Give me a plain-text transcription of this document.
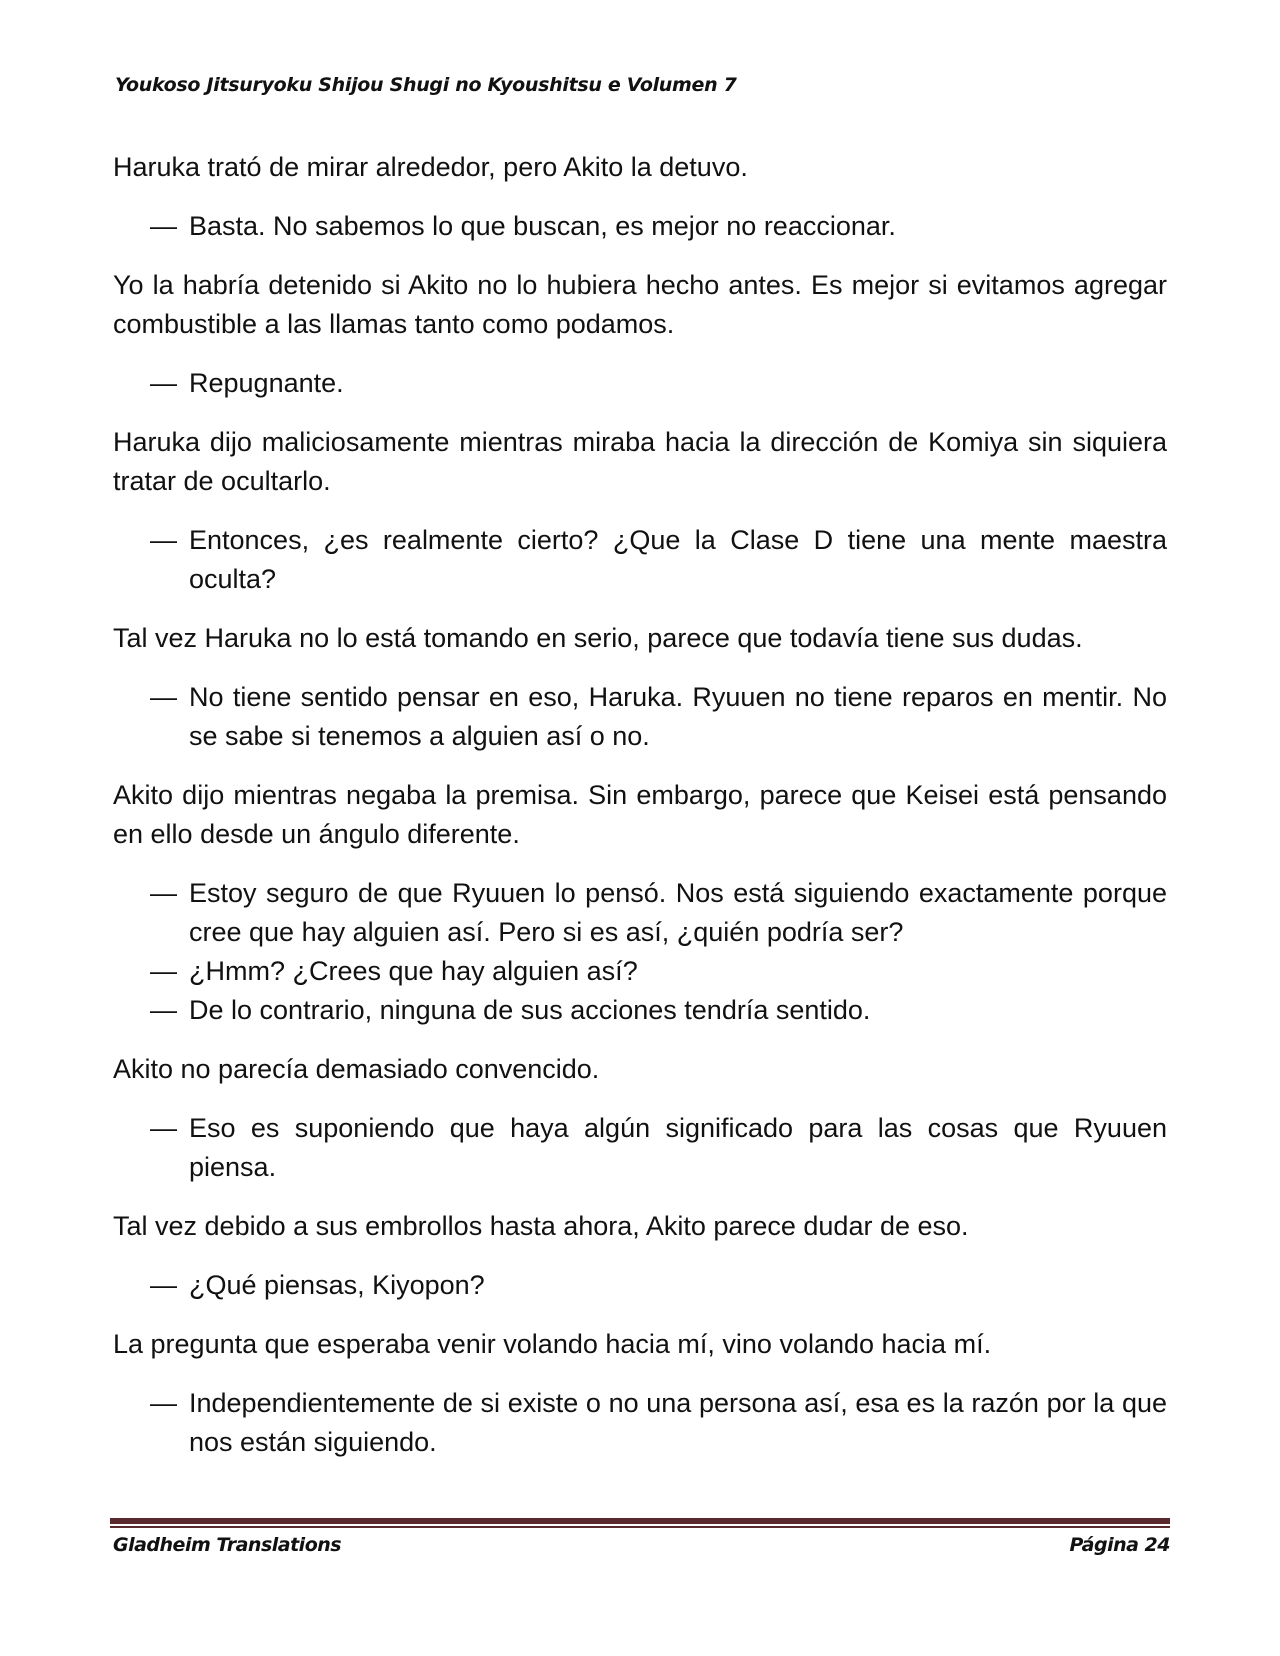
Youkoso Jitsuryoku Shijou Shugi no Kyoushitsu e Volumen 7

Haruka trató de mirar alrededor, pero Akito la detuvo.

— Basta. No sabemos lo que buscan, es mejor no reaccionar.

Yo la habría detenido si Akito no lo hubiera hecho antes. Es mejor si evitamos agregar combustible a las llamas tanto como podamos.

— Repugnante.

Haruka dijo maliciosamente mientras miraba hacia la dirección de Komiya sin siquiera tratar de ocultarlo.

— Entonces, ¿es realmente cierto? ¿Que la Clase D tiene una mente maestra oculta?

Tal vez Haruka no lo está tomando en serio, parece que todavía tiene sus dudas.

— No tiene sentido pensar en eso, Haruka. Ryuuen no tiene reparos en mentir. No se sabe si tenemos a alguien así o no.

Akito dijo mientras negaba la premisa. Sin embargo, parece que Keisei está pensando en ello desde un ángulo diferente.

— Estoy seguro de que Ryuuen lo pensó. Nos está siguiendo exactamente porque cree que hay alguien así. Pero si es así, ¿quién podría ser?
— ¿Hmm? ¿Crees que hay alguien así?
— De lo contrario, ninguna de sus acciones tendría sentido.

Akito no parecía demasiado convencido.

— Eso es suponiendo que haya algún significado para las cosas que Ryuuen piensa.

Tal vez debido a sus embrollos hasta ahora, Akito parece dudar de eso.

— ¿Qué piensas, Kiyopon?

La pregunta que esperaba venir volando hacia mí, vino volando hacia mí.

— Independientemente de si existe o no una persona así, esa es la razón por la que nos están siguiendo.
Gladheim Translations	Página 24
